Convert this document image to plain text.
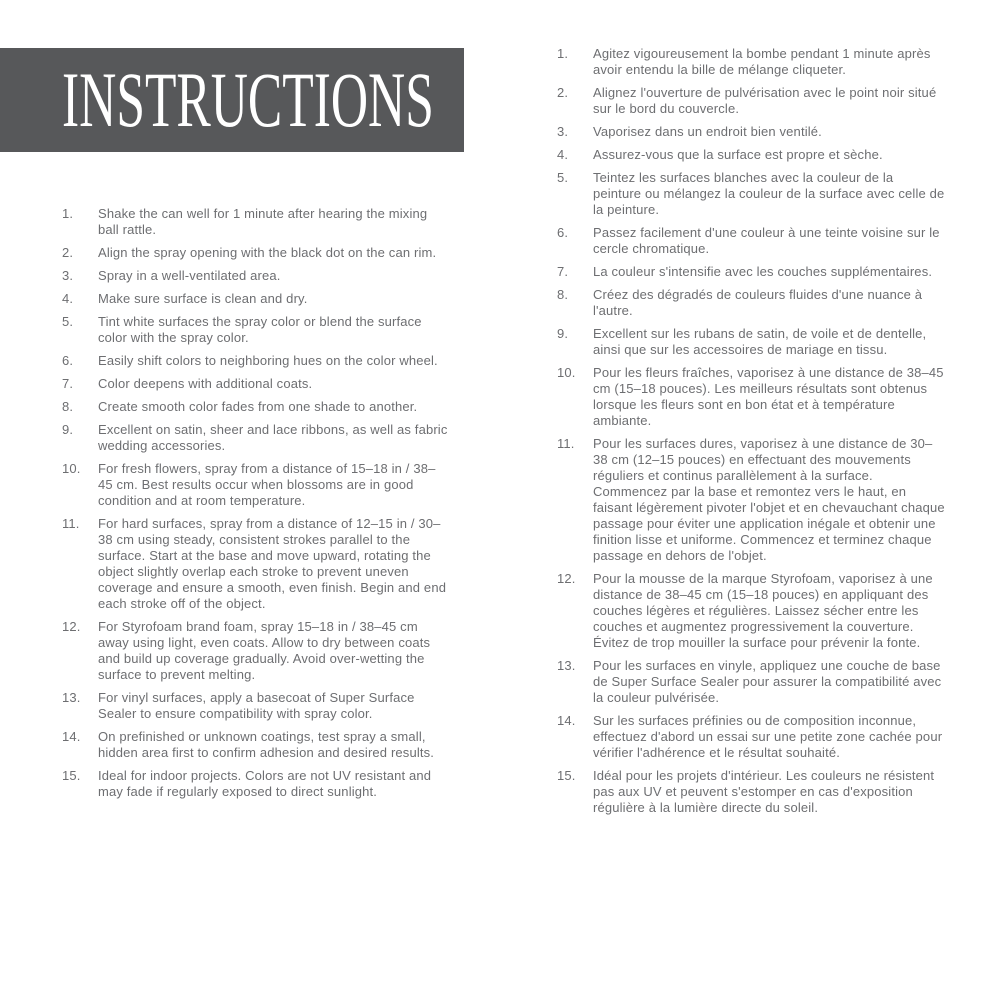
INSTRUCTIONS
1. Shake the can well for 1 minute after hearing the mixing ball rattle.
2. Align the spray opening with the black dot on the can rim.
3. Spray in a well-ventilated area.
4. Make sure surface is clean and dry.
5. Tint white surfaces the spray color or blend the surface color with the spray color.
6. Easily shift colors to neighboring hues on the color wheel.
7. Color deepens with additional coats.
8. Create smooth color fades from one shade to another.
9. Excellent on satin, sheer and lace ribbons, as well as fabric wedding accessories.
10. For fresh flowers, spray from a distance of 15–18 in / 38–45 cm. Best results occur when blossoms are in good condition and at room temperature.
11. For hard surfaces, spray from a distance of 12–15 in / 30–38 cm using steady, consistent strokes parallel to the surface. Start at the base and move upward, rotating the object slightly overlap each stroke to prevent uneven coverage and ensure a smooth, even finish. Begin and end each stroke off of the object.
12. For Styrofoam brand foam, spray 15–18 in / 38–45 cm away using light, even coats. Allow to dry between coats and build up coverage gradually. Avoid over-wetting the surface to prevent melting.
13. For vinyl surfaces, apply a basecoat of Super Surface Sealer to ensure compatibility with spray color.
14. On prefinished or unknown coatings, test spray a small, hidden area first to confirm adhesion and desired results.
15. Ideal for indoor projects. Colors are not UV resistant and may fade if regularly exposed to direct sunlight.
1. Agitez vigoureusement la bombe pendant 1 minute après avoir entendu la bille de mélange cliqueter.
2. Alignez l'ouverture de pulvérisation avec le point noir situé sur le bord du couvercle.
3. Vaporisez dans un endroit bien ventilé.
4. Assurez-vous que la surface est propre et sèche.
5. Teintez les surfaces blanches avec la couleur de la peinture ou mélangez la couleur de la surface avec celle de la peinture.
6. Passez facilement d'une couleur à une teinte voisine sur le cercle chromatique.
7. La couleur s'intensifie avec les couches supplémentaires.
8. Créez des dégradés de couleurs fluides d'une nuance à l'autre.
9. Excellent sur les rubans de satin, de voile et de dentelle, ainsi que sur les accessoires de mariage en tissu.
10. Pour les fleurs fraîches, vaporisez à une distance de 38–45 cm (15–18 pouces). Les meilleurs résultats sont obtenus lorsque les fleurs sont en bon état et à température ambiante.
11. Pour les surfaces dures, vaporisez à une distance de 30–38 cm (12–15 pouces) en effectuant des mouvements réguliers et continus parallèlement à la surface. Commencez par la base et remontez vers le haut, en faisant légèrement pivoter l'objet et en chevauchant chaque passage pour éviter une application inégale et obtenir une finition lisse et uniforme. Commencez et terminez chaque passage en dehors de l'objet.
12. Pour la mousse de la marque Styrofoam, vaporisez à une distance de 38–45 cm (15–18 pouces) en appliquant des couches légères et régulières. Laissez sécher entre les couches et augmentez progressivement la couverture. Évitez de trop mouiller la surface pour prévenir la fonte.
13. Pour les surfaces en vinyle, appliquez une couche de base de Super Surface Sealer pour assurer la compatibilité avec la couleur pulvérisée.
14. Sur les surfaces préfinies ou de composition inconnue, effectuez d'abord un essai sur une petite zone cachée pour vérifier l'adhérence et le résultat souhaité.
15. Idéal pour les projets d'intérieur. Les couleurs ne résistent pas aux UV et peuvent s'estomper en cas d'exposition régulière à la lumière directe du soleil.
